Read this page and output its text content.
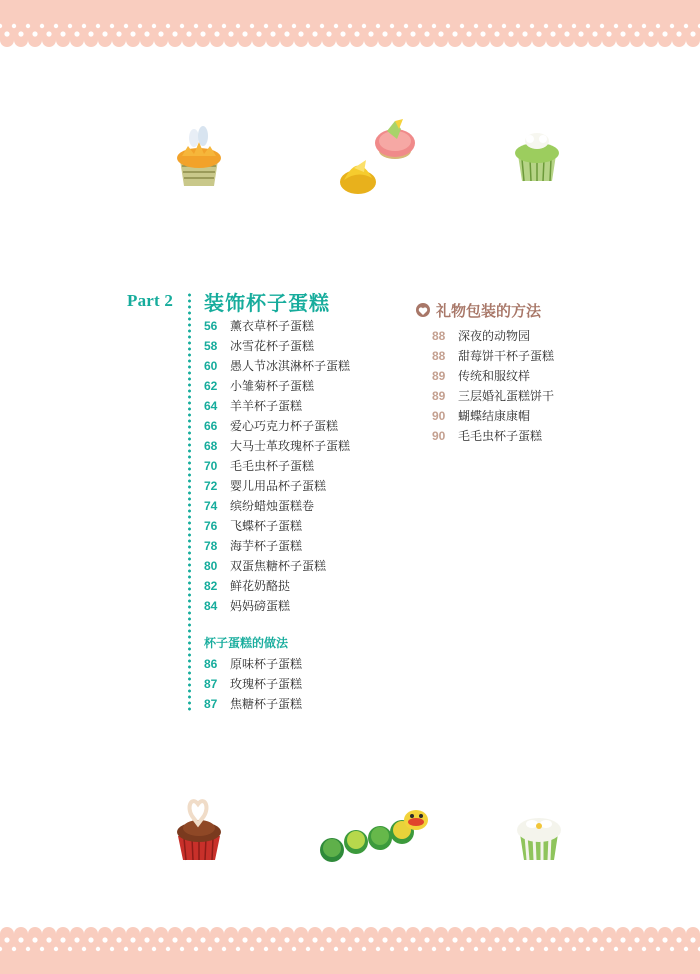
Part 2 装饰杯子蛋糕
56 薰衣草杯子蛋糕
58 冰雪花杯子蛋糕
60 愚人节冰淇淋杯子蛋糕
62 小雏菊杯子蛋糕
64 羊羊杯子蛋糕
66 爱心巧克力杯子蛋糕
68 大马士革玫瑰杯子蛋糕
70 毛毛虫杯子蛋糕
72 婴儿用品杯子蛋糕
74 缤纷蜡烛蛋糕卷
76 飞蝶杯子蛋糕
78 海芋杯子蛋糕
80 双蛋焦糖杯子蛋糕
82 鲜花奶酪挞
84 妈妈磅蛋糕
杯子蛋糕的做法
86 原味杯子蛋糕
87 玫瑰杯子蛋糕
87 焦糖杯子蛋糕
礼物包装的方法
88 深夜的动物园
88 甜莓饼干杯子蛋糕
89 传统和服纹样
89 三层婚礼蛋糕饼干
90 蝴蝶结康康帽
90 毛毛虫杯子蛋糕
